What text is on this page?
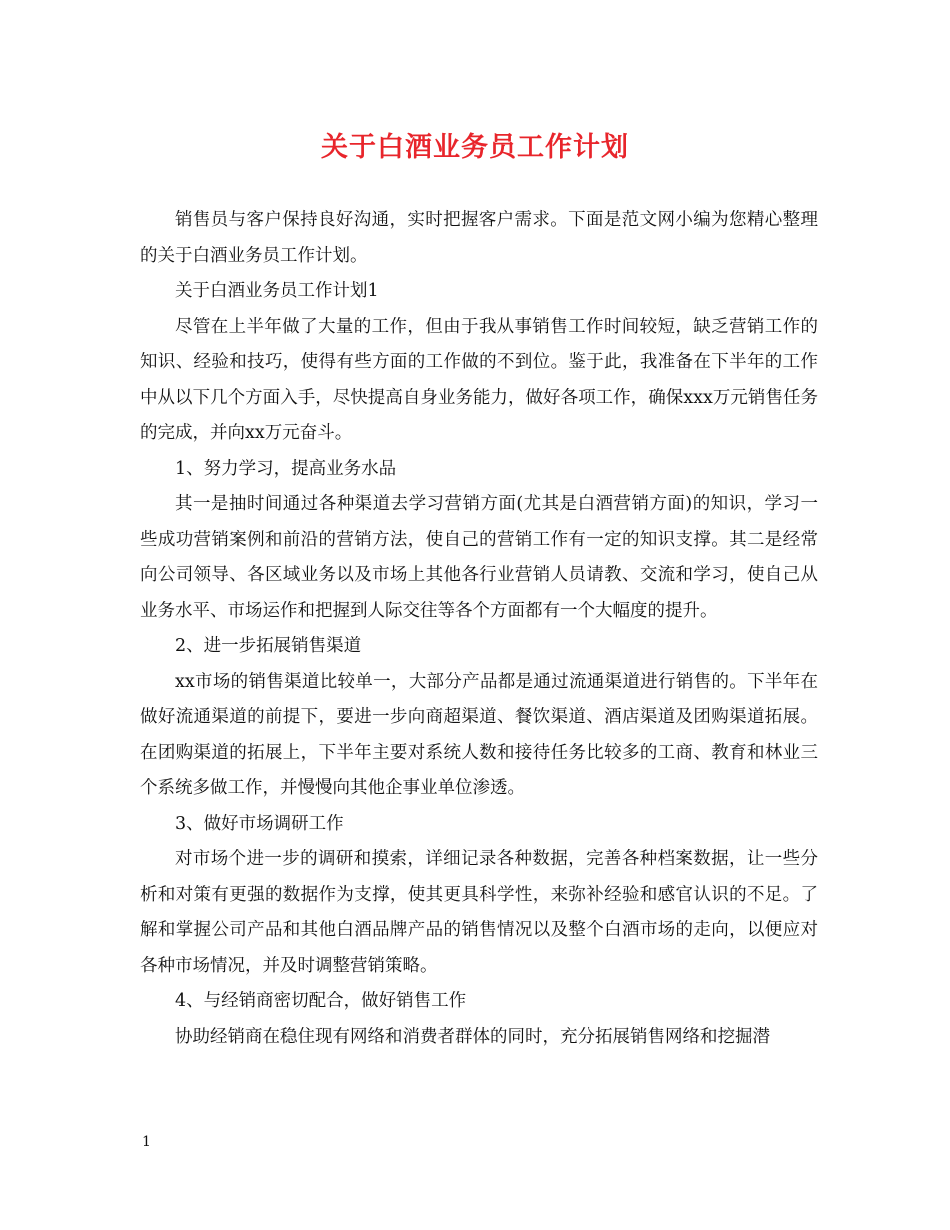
关于白酒业务员工作计划

销售员与客户保持良好沟通，实时把握客户需求。下面是范文网小编为您精心整理的关于白酒业务员工作计划。

关于白酒业务员工作计划1

尽管在上半年做了大量的工作，但由于我从事销售工作时间较短，缺乏营销工作的知识、经验和技巧，使得有些方面的工作做的不到位。鉴于此，我准备在下半年的工作中从以下几个方面入手，尽快提高自身业务能力，做好各项工作，确保xxx万元销售任务的完成，并向xx万元奋斗。

1、努力学习，提高业务水品

其一是抽时间通过各种渠道去学习营销方面(尤其是白酒营销方面)的知识，学习一些成功营销案例和前沿的营销方法，使自己的营销工作有一定的知识支撑。其二是经常向公司领导、各区域业务以及市场上其他各行业营销人员请教、交流和学习，使自己从业务水平、市场运作和把握到人际交往等各个方面都有一个大幅度的提升。

2、进一步拓展销售渠道

xx市场的销售渠道比较单一，大部分产品都是通过流通渠道进行销售的。下半年在做好流通渠道的前提下，要进一步向商超渠道、餐饮渠道、酒店渠道及团购渠道拓展。在团购渠道的拓展上，下半年主要对系统人数和接待任务比较多的工商、教育和林业三个系统多做工作，并慢慢向其他企事业单位渗透。

3、做好市场调研工作

对市场个进一步的调研和摸索，详细记录各种数据，完善各种档案数据，让一些分析和对策有更强的数据作为支撑，使其更具科学性，来弥补经验和感官认识的不足。了解和掌握公司产品和其他白酒品牌产品的销售情况以及整个白酒市场的走向，以便应对各种市场情况，并及时调整营销策略。

4、与经销商密切配合，做好销售工作

协助经销商在稳住现有网络和消费者群体的同时，充分拓展销售网络和挖掘潜

1
